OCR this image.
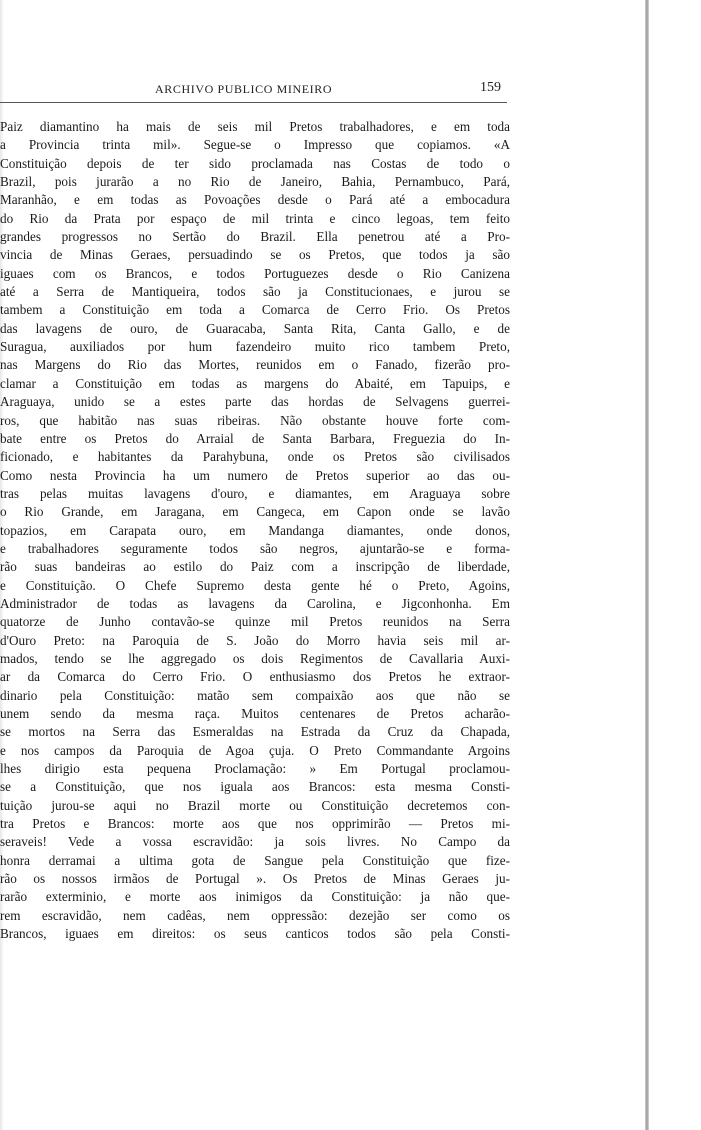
ARCHIVO PUBLICO MINEIRO	159
Paiz diamantino ha mais de seis mil Pretos trabalhadores, e em toda
a Provincia trinta mil». Segue-se o Impresso que copiamos. «A
Constituição depois de ter sido proclamada nas Costas de todo o
Brazil, pois jurarão a no Rio de Janeiro, Bahia, Pernambuco, Pará,
Maranhão, e em todas as Povoações desde o Pará até a embocadura
do Rio da Prata por espaço de mil trinta e cinco legoas, tem feito
grandes progressos no Sertão do Brazil. Ella penetrou até a Pro-
vincia de Minas Geraes, persuadindo se os Pretos, que todos ja são
iguaes com os Brancos, e todos Portuguezes desde o Rio Canizena
até a Serra de Mantiqueira, todos são ja Constitucionaes, e jurou se
tambem a Constituição em toda a Comarca de Cerro Frio. Os Pretos
das lavagens de ouro, de Guaracaba, Santa Rita, Canta Gallo, e de
Suragua, auxiliados por hum fazendeiro muito rico tambem Preto,
nas Margens do Rio das Mortes, reunidos em o Fanado, fizerão pro-
clamar a Constituição em todas as margens do Abaité, em Tapuips, e
Araguaya, unido se a estes parte das hordas de Selvagens guerrei-
ros, que habitão nas suas ribeiras. Não obstante houve forte com-
bate entre os Pretos do Arraial de Santa Barbara, Freguezia do In-
ficionado, e habitantes da Parahybuna, onde os Pretos são civilisados
Como nesta Provincia ha um numero de Pretos superior ao das ou-
tras pelas muitas lavagens d'ouro, e diamantes, em Araguaya sobre
o Rio Grande, em Jaragana, em Cangeca, em Capon onde se lavão
topazios, em Carapata ouro, em Mandanga diamantes, onde donos,
e trabalhadores seguramente todos são negros, ajuntarão-se e forma-
rão suas bandeiras ao estilo do Paiz com a inscripção de liberdade,
e Constituição. O Chefe Supremo desta gente hé o Preto, Agoins,
Administrador de todas as lavagens da Carolina, e Jigconhonha. Em
quatorze de Junho contavão-se quinze mil Pretos reunidos na Serra
d'Ouro Preto: na Paroquia de S. João do Morro havia seis mil ar-
mados, tendo se lhe aggregado os dois Regimentos de Cavallaria Auxi-
ar da Comarca do Cerro Frio. O enthusiasmo dos Pretos he extraor-
dinario pela Constituição: matão sem compaixão aos que não se
unem sendo da mesma raça. Muitos centenares de Pretos acharão-
se mortos na Serra das Esmeraldas na Estrada da Cruz da Chapada,
e nos campos da Paroquia de Agoa çuja. O Preto Commandante Argoins
lhes dirigio esta pequena Proclamação: » Em Portugal proclamou-
se a Constituição, que nos iguala aos Brancos: esta mesma Consti-
tuição jurou-se aqui no Brazil morte ou Constituição decretemos con-
tra Pretos e Brancos: morte aos que nos opprimirão — Pretos mi-
seraveis! Vede a vossa escravidão: ja sois livres. No Campo da
honra derramai a ultima gota de Sangue pela Constituição que fize-
rão os nossos irmãos de Portugal ». Os Pretos de Minas Geraes ju-
rarão exterminio, e morte aos inimigos da Constituição: ja não que-
rem escravidão, nem cadêas, nem oppressão: dezejão ser como os
Brancos, iguaes em direitos: os seus canticos todos são pela Consti-
